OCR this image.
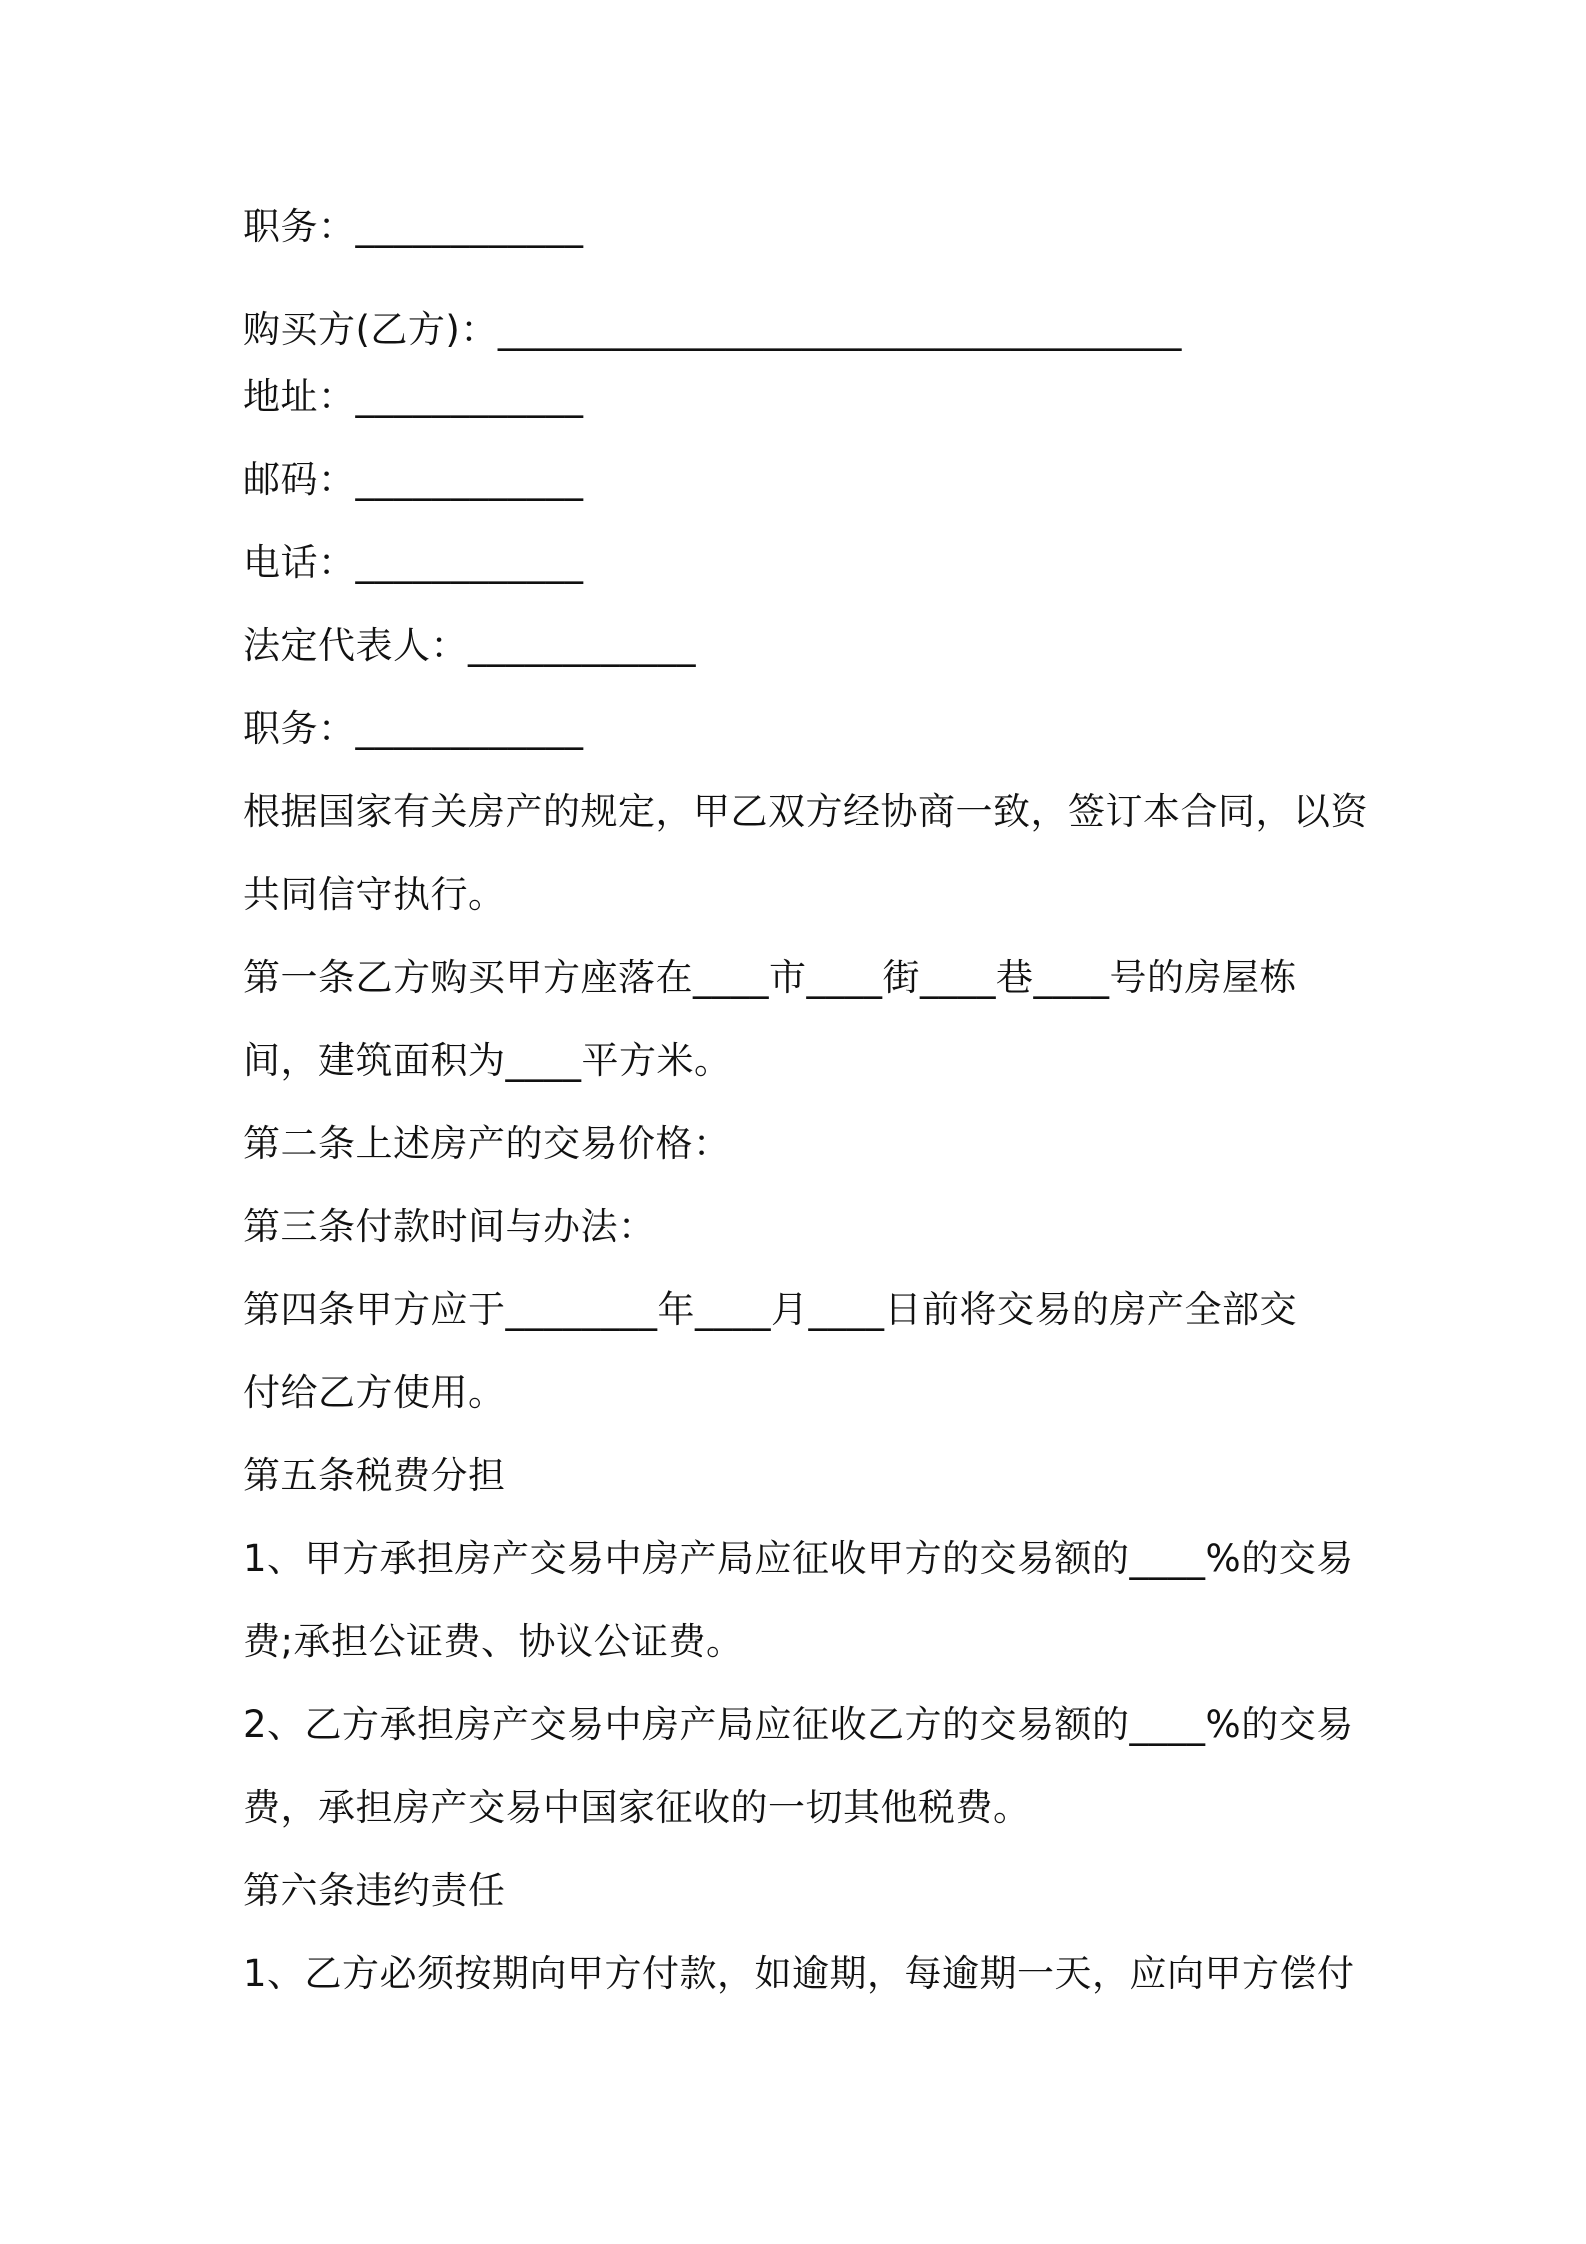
职务：____________
购买方(乙方)：____________________________________
地址：____________
邮码：____________
电话：____________
法定代表人：____________
职务：____________
根据国家有关房产的规定，甲乙双方经协商一致，签订本合同，以资
共同信守执行。
第一条乙方购买甲方座落在____市____街____巷____号的房屋栋
间，建筑面积为____平方米。
第二条上述房产的交易价格：
第三条付款时间与办法：
第四条甲方应于________年____月____日前将交易的房产全部交
付给乙方使用。
第五条税费分担
1、甲方承担房产交易中房产局应征收甲方的交易额的____%的交易
费;承担公证费、协议公证费。
2、乙方承担房产交易中房产局应征收乙方的交易额的____%的交易
费，承担房产交易中国家征收的一切其他税费。
第六条违约责任
1、乙方必须按期向甲方付款，如逾期，每逾期一天，应向甲方偿付
